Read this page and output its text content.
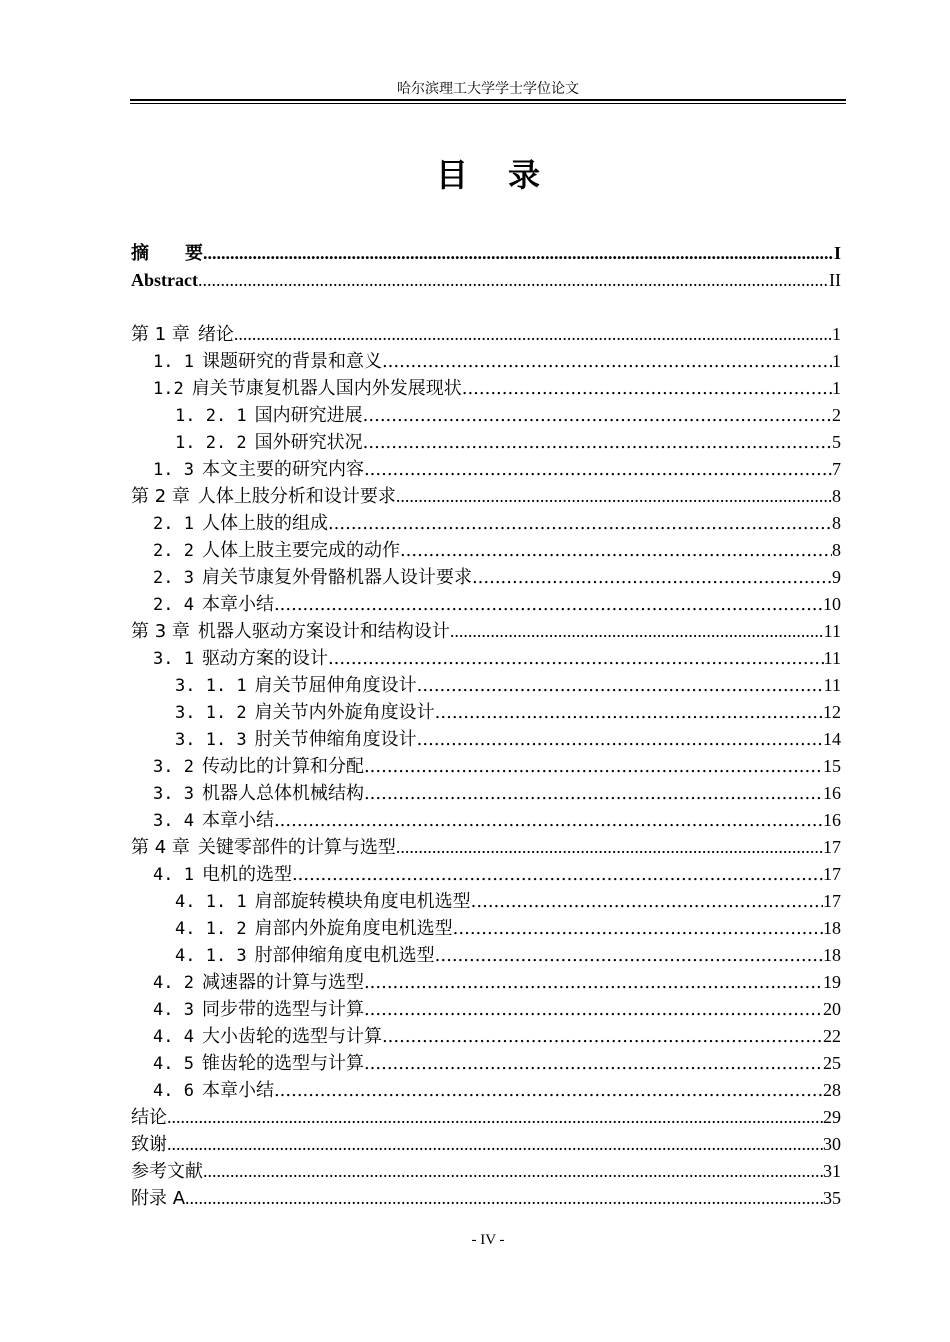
哈尔滨理工大学学士学位论文
目录
摘　　要 .....	I
Abstract .....	II
第 1 章 绪论 .....	1
1. 1 课题研究的背景和意义 .....	1
1.2 肩关节康复机器人国内外发展现状 .....	1
1. 2. 1 国内研究进展 .....	2
1. 2. 2 国外研究状况 .....	5
1. 3 本文主要的研究内容 .....	7
第 2 章 人体上肢分析和设计要求 .....	8
2. 1 人体上肢的组成 .....	8
2. 2 人体上肢主要完成的动作 .....	8
2. 3 肩关节康复外骨骼机器人设计要求 .....	9
2. 4 本章小结 .....	10
第 3 章 机器人驱动方案设计和结构设计 .....	11
3. 1 驱动方案的设计 .....	11
3. 1. 1 肩关节屈伸角度设计 .....	11
3. 1. 2 肩关节内外旋角度设计 .....	12
3. 1. 3 肘关节伸缩角度设计 .....	14
3. 2 传动比的计算和分配 .....	15
3. 3 机器人总体机械结构 .....	16
3. 4 本章小结 .....	16
第 4 章 关键零部件的计算与选型 .....	17
4. 1 电机的选型 .....	17
4. 1. 1 肩部旋转模块角度电机选型 .....	17
4. 1. 2 肩部内外旋角度电机选型 .....	18
4. 1. 3 肘部伸缩角度电机选型 .....	18
4. 2 减速器的计算与选型 .....	19
4. 3 同步带的选型与计算 .....	20
4. 4 大小齿轮的选型与计算 .....	22
4. 5 锥齿轮的选型与计算 .....	25
4. 6 本章小结 .....	28
结论 .....	29
致谢 .....	30
参考文献 .....	31
附录 A .....	35
- IV -
